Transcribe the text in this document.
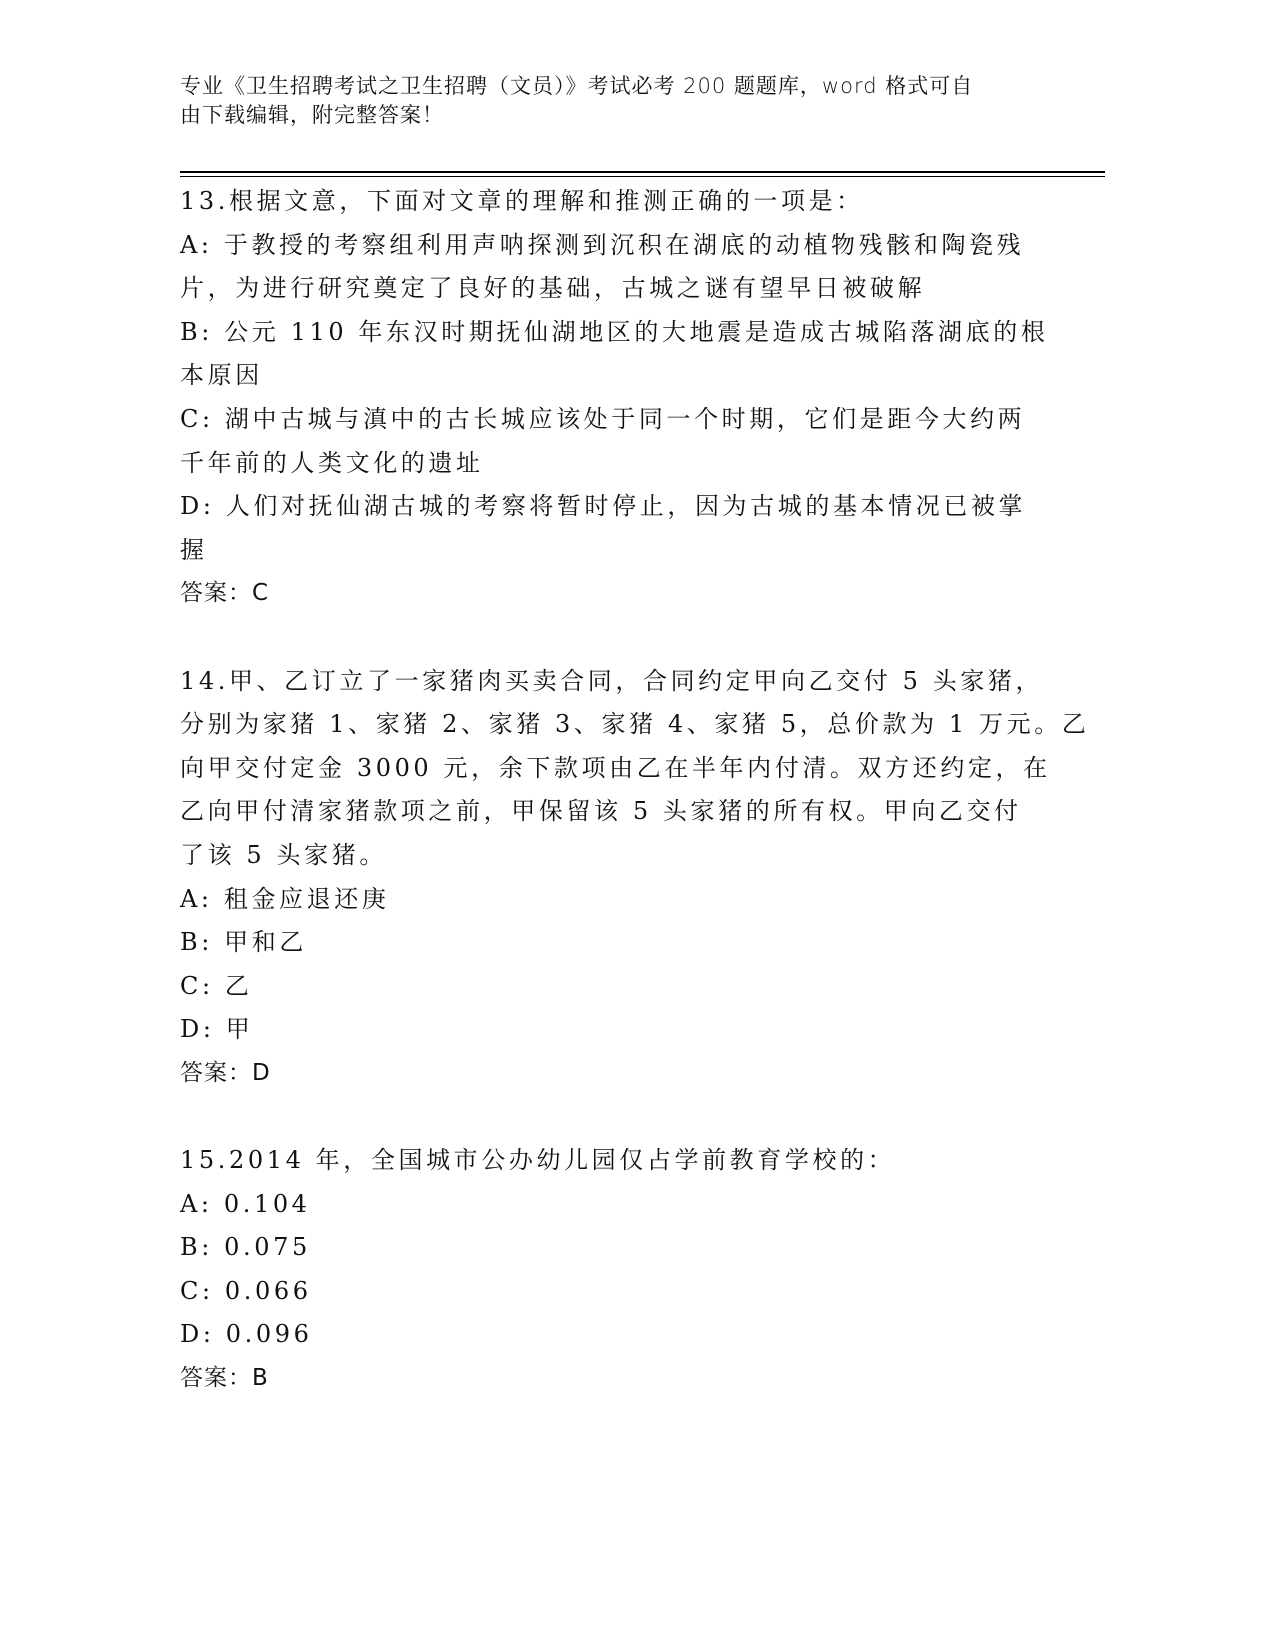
专业《卫生招聘考试之卫生招聘（文员）》考试必考 200 题题库，word 格式可自
由下载编辑，附完整答案！
13.根据文意，下面对文章的理解和推测正确的一项是：
A: 于教授的考察组利用声呐探测到沉积在湖底的动植物残骸和陶瓷残
片，为进行研究奠定了良好的基础，古城之谜有望早日被破解
B: 公元 110 年东汉时期抚仙湖地区的大地震是造成古城陷落湖底的根
本原因
C: 湖中古城与滇中的古长城应该处于同一个时期，它们是距今大约两
千年前的人类文化的遗址
D: 人们对抚仙湖古城的考察将暂时停止，因为古城的基本情况已被掌
握
答案：C
14.甲、乙订立了一家猪肉买卖合同，合同约定甲向乙交付 5 头家猪，
分别为家猪 1、家猪 2、家猪 3、家猪 4、家猪 5，总价款为 1 万元。乙
向甲交付定金 3000 元，余下款项由乙在半年内付清。双方还约定，在
乙向甲付清家猪款项之前，甲保留该 5 头家猪的所有权。甲向乙交付
了该 5 头家猪。
A: 租金应退还庚
B: 甲和乙
C: 乙
D: 甲
答案：D
15.2014 年，全国城市公办幼儿园仅占学前教育学校的：
A: 0.104
B: 0.075
C: 0.066
D: 0.096
答案：B
